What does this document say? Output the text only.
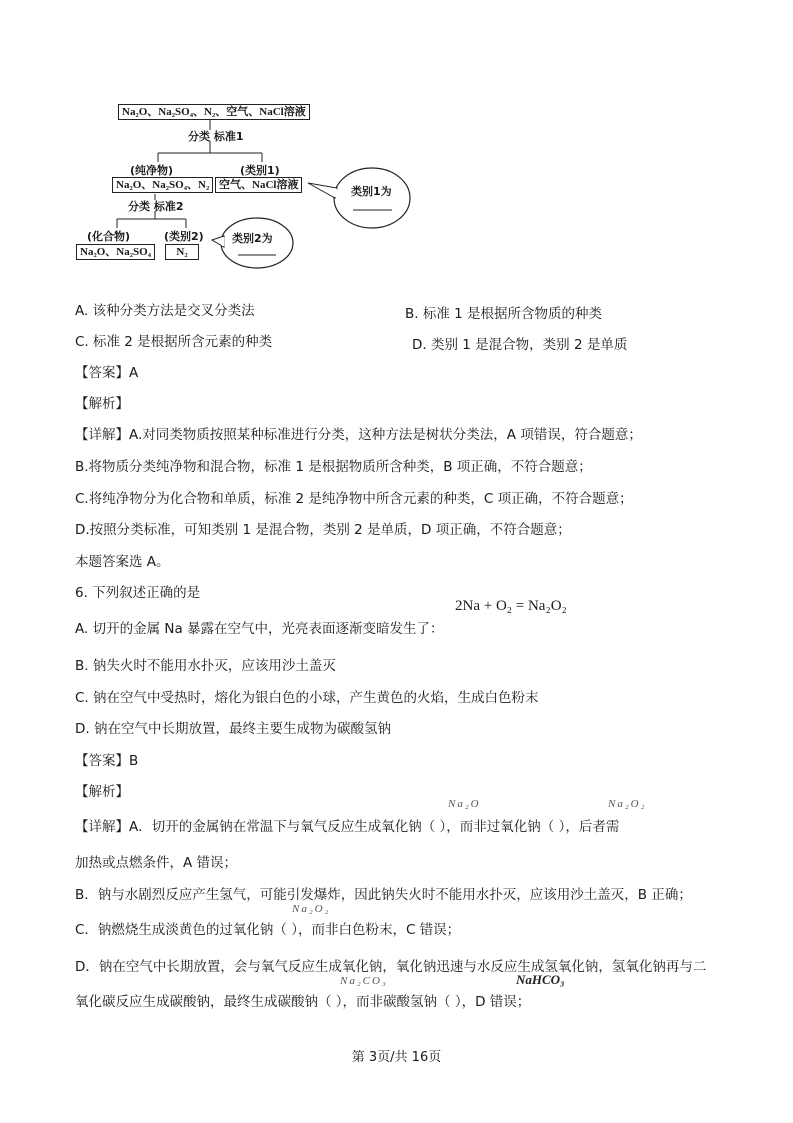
Na₂O、Na₂SO₄、N₂、空气、NaCl溶液
分类 标准1
(纯净物)
Na₂O、Na₂SO₄、N₂
(类别1)
空气、NaCl溶液	类别1为
分类 标准2
(化合物)
Na₂O、Na₂SO₄
(类别2)
N₂
类别2为
A. 该种分类方法是交叉分类法	B. 标准 1 是根据所含物质的种类
C. 标准 2 是根据所含元素的种类	D. 类别 1 是混合物，类别 2 是单质
【 答案 】 A
【 解析 】
【 详解 】 A.对同类物质按照某种标准进行分类，这种方法是树状分类法，A 项错误，符合题意；
B.将物质分类纯净物和混合物，标准 1 是根据物质所含种类，B 项正确，不符合题意；
C.将纯净物分为化合物和单质，标准 2 是纯净物中所含元素的种类，C 项正确，不符合题意；
D.按照分类标准，可知类别 1 是混合物，类别 2 是单质，D 项正确，不符合题意；
本题答案选 A。
6. 下列叙述正确的是
2Na + O₂ = Na₂O₂
A. 切开的金属 Na 暴露在空气中，光亮表面逐渐变暗发生了：
B. 钠失火时不能用水扑灭，应该用沙土盖灭
C. 钠在空气中受热时，熔化为银白色的小球，产生黄色的火焰，生成白色粉末
D. 钠在空气中长期放置，最终主要生成物为碳酸氢钠
【 答案 】 B
【 解析 】
Na₂O	Na₂O₂
【 详解 】 A．切开的金属钠在常温下与氧气反应生成氧化钠（ ），而非过氧化钠（ ），后者需
加热或点燃条件，A 错误；
B．钠与水剧烈反应产生氢气，可能引发爆炸，因此钠失火时不能用水扑灭，应该用沙土盖灭，B 正确；
Na₂O₂
C．钠燃烧生成淡黄色的过氧化钠（ ），而非白色粉末，C 错误；
D．钠在空气中长期放置，会与氧气反应生成氧化钠，氧化钠迅速与水反应生成氢氧化钠，氢氧化钠再与二
Na₂CO₃	NaHCO₃
氧化碳反应生成碳酸钠，最终生成碳酸钠（ ），而非碳酸氢钠（ ），D 错误；
第 3页/共 16页
